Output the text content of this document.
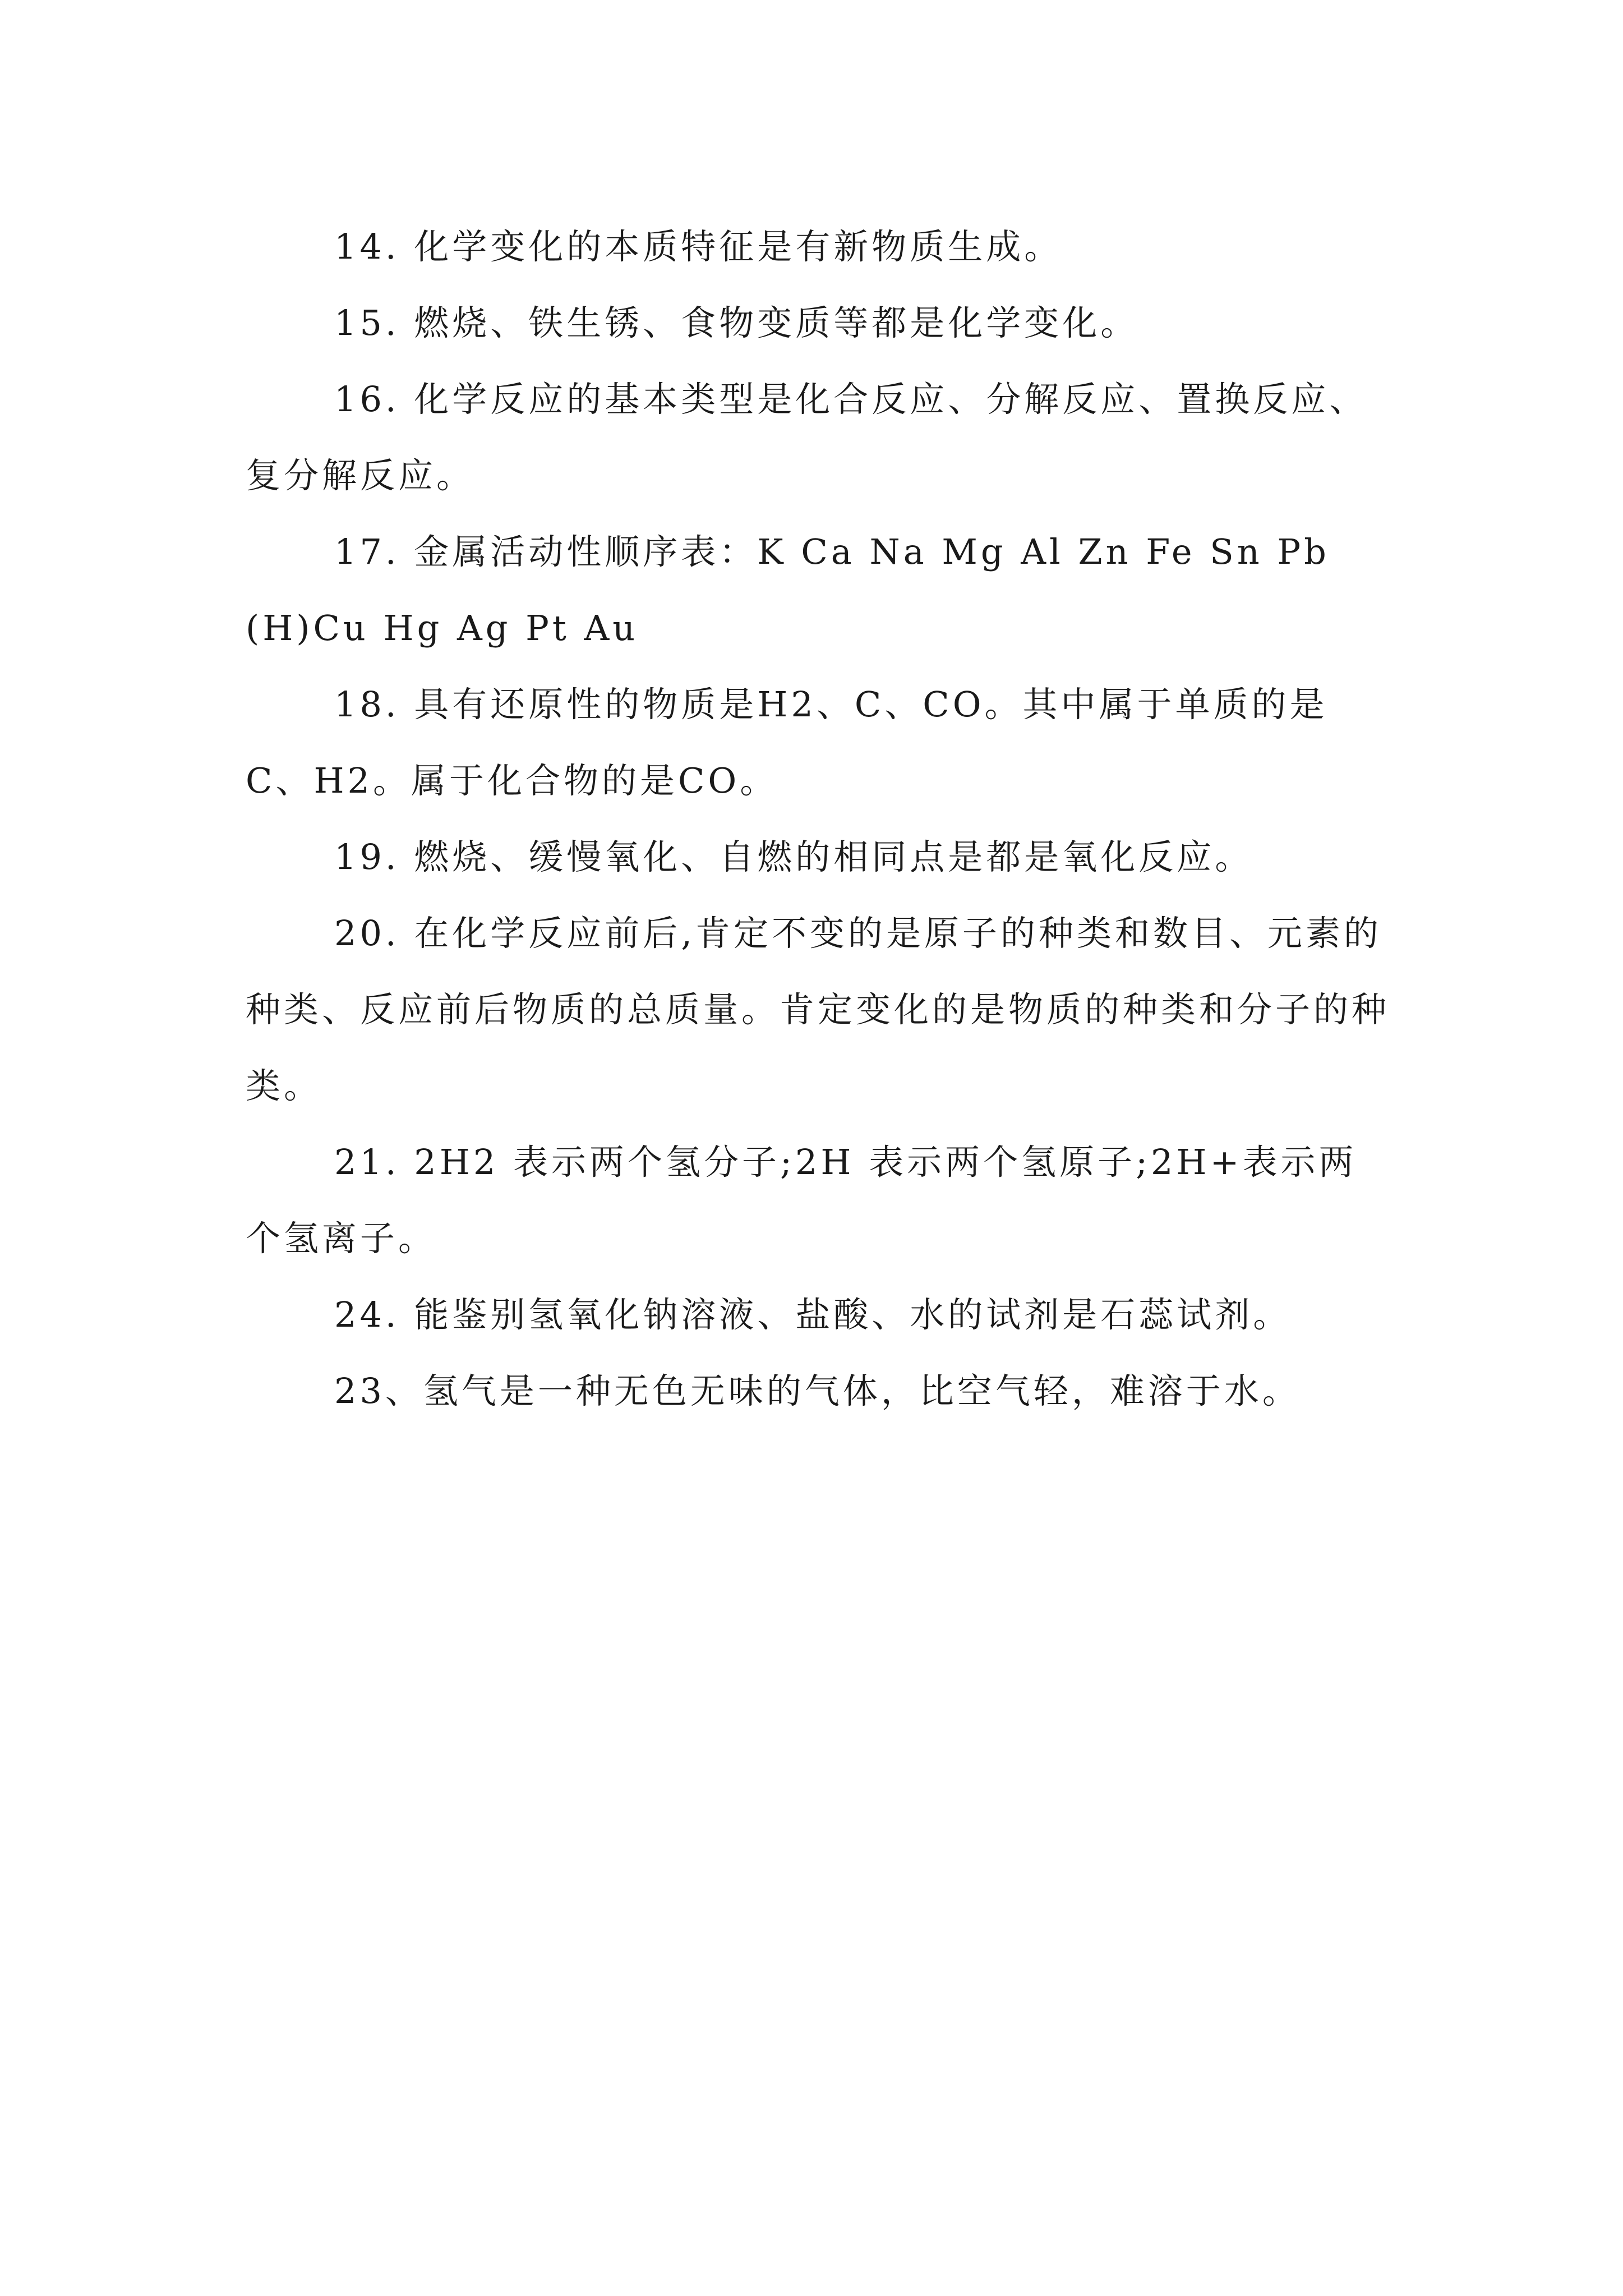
14. 化学变化的本质特征是有新物质生成。

15. 燃烧、铁生锈、食物变质等都是化学变化。

16. 化学反应的基本类型是化合反应、分解反应、置换反应、复分解反应。

17. 金属活动性顺序表：K Ca Na Mg Al Zn Fe Sn Pb (H)Cu Hg Ag Pt Au

18. 具有还原性的物质是H2、C、CO。其中属于单质的是C、H2。属于化合物的是CO。

19. 燃烧、缓慢氧化、自燃的相同点是都是氧化反应。

20. 在化学反应前后,肯定不变的是原子的种类和数目、元素的种类、反应前后物质的总质量。肯定变化的是物质的种类和分子的种类。

21. 2H2 表示两个氢分子;2H 表示两个氢原子;2H+表示两个氢离子。

24. 能鉴别氢氧化钠溶液、盐酸、水的试剂是石蕊试剂。

23、氢气是一种无色无味的气体，比空气轻，难溶于水。
